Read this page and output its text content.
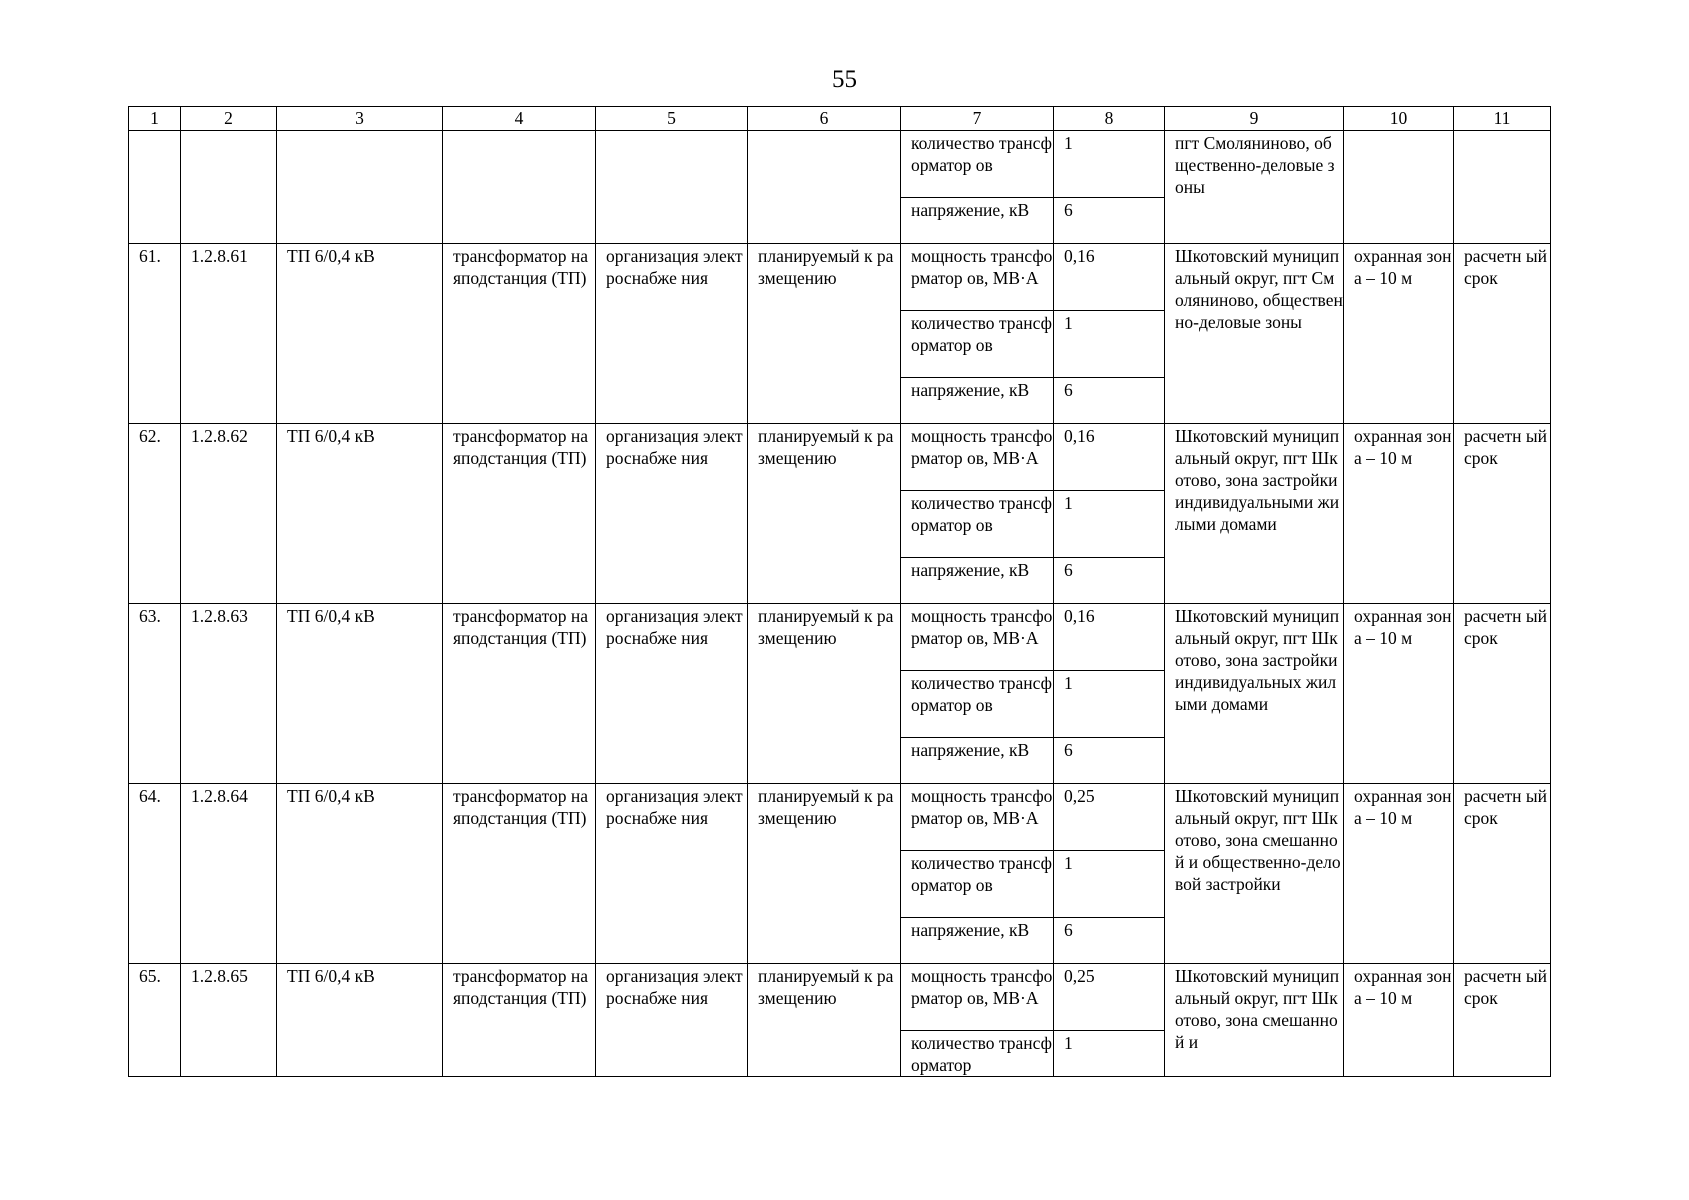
55
1	2	3	4	5	6	7	8	9	10	11
						количество трансформатор ов	1	пгт Смоляниново, общественно-деловые зоны		
						напряжение, кВ	6			
61.	1.2.8.61	ТП 6/0,4 кВ	трансформатор наяподстанция (ТП)	организация электроснабже ния	планируемый к размещению	мощность трансформатор ов, МВ·А	0,16	Шкотовский муниципальный округ, пгт Смоляниново, общественно-деловые зоны	охранная зона – 10 м	расчетн ый срок
						количество трансформатор ов	1			
						напряжение, кВ	6			
62.	1.2.8.62	ТП 6/0,4 кВ	трансформатор наяподстанция (ТП)	организация электроснабже ния	планируемый к размещению	мощность трансформатор ов, МВ·А	0,16	Шкотовский муниципальный округ, пгт Шкотово, зона застройки индивидуальными жилыми домами	охранная зона – 10 м	расчетн ый срок
						количество трансформатор ов	1			
						напряжение, кВ	6			
63.	1.2.8.63	ТП 6/0,4 кВ	трансформатор наяподстанция (ТП)	организация электроснабже ния	планируемый к размещению	мощность трансформатор ов, МВ·А	0,16	Шкотовский муниципальный округ, пгт Шкотово, зона застройки индивидуальных жилыми домами	охранная зона – 10 м	расчетн ый срок
						количество трансформатор ов	1			
						напряжение, кВ	6			
64.	1.2.8.64	ТП 6/0,4 кВ	трансформатор наяподстанция (ТП)	организация электроснабже ния	планируемый к размещению	мощность трансформатор ов, МВ·А	0,25	Шкотовский муниципальный округ, пгт Шкотово, зона смешанной и общественно-деловой застройки	охранная зона – 10 м	расчетн ый срок
						количество трансформатор ов	1			
						напряжение, кВ	6			
65.	1.2.8.65	ТП 6/0,4 кВ	трансформатор наяподстанция (ТП)	организация электроснабже ния	планируемый к размещению	мощность трансформатор ов, МВ·А	0,25	Шкотовский муниципальный округ, пгт Шкотово, зона смешанной и	охранная зона – 10 м	расчетн ый срок
						количество трансформатор	1			
